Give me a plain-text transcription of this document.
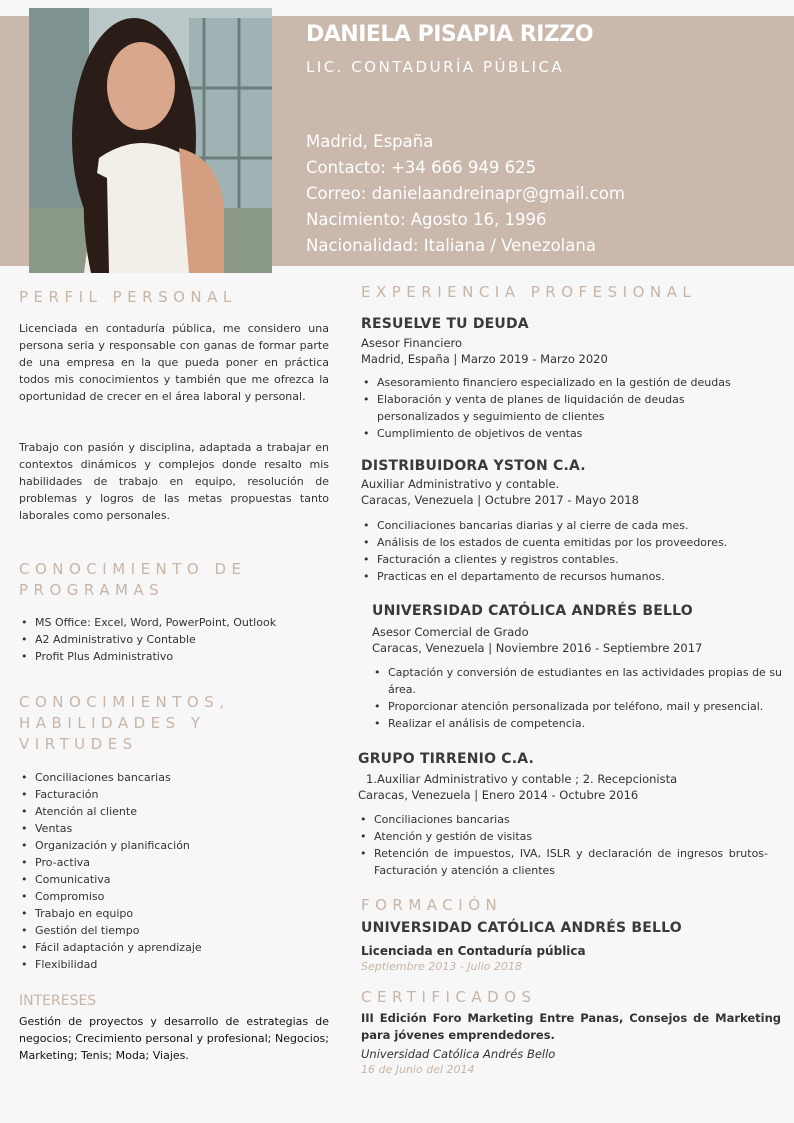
DANIELA PISAPIA RIZZO
LIC. CONTADURÍA PÚBLICA
Madrid, España
Contacto: +34 666 949 625
Correo: danielaandreinapr@gmail.com
Nacimiento: Agosto 16, 1996
Nacionalidad: Italiana / Venezolana
PERFIL PERSONAL
Licenciada en contaduría pública, me considero una persona seria y responsable con ganas de formar parte de una empresa en la que pueda poner en práctica todos mis conocimientos y también que me ofrezca la oportunidad de crecer en el área laboral y personal.
Trabajo con pasión y disciplina, adaptada a trabajar en contextos dinámicos y complejos donde resalto mis habilidades de trabajo en equipo, resolución de problemas y logros de las metas propuestas tanto laborales como personales.
CONOCIMIENTO DE
PROGRAMAS
• MS Office: Excel, Word, PowerPoint, Outlook
• A2 Administrativo y Contable
• Profit Plus Administrativo
CONOCIMIENTOS,
HABILIDADES Y
VIRTUDES
• Conciliaciones bancarias
• Facturación
• Atención al cliente
• Ventas
• Organización y planificación
• Pro-activa
• Comunicativa
• Compromiso
• Trabajo en equipo
• Gestión del tiempo
• Fácil adaptación y aprendizaje
• Flexibilidad
INTERESES
Gestión de proyectos y desarrollo de estrategias de negocios; Crecimiento personal y profesional; Negocios; Marketing; Tenis; Moda; Viajes.
EXPERIENCIA PROFESIONAL
RESUELVE TU DEUDA
Asesor Financiero
Madrid, España | Marzo 2019 - Marzo 2020
• Asesoramiento financiero especializado en la gestión de deudas
• Elaboración y venta de planes de liquidación de deudas personalizados y seguimiento de clientes
• Cumplimiento de objetivos de ventas
DISTRIBUIDORA YSTON C.A.
Auxiliar Administrativo y contable.
Caracas, Venezuela | Octubre 2017 - Mayo 2018
• Conciliaciones bancarias diarias y al cierre de cada mes.
• Análisis de los estados de cuenta emitidas por los proveedores.
• Facturación a clientes y registros contables.
• Practicas en el departamento de recursos humanos.
UNIVERSIDAD CATÓLICA ANDRÉS BELLO
Asesor Comercial de Grado
Caracas, Venezuela | Noviembre 2016 - Septiembre 2017
• Captación y conversión de estudiantes en las actividades propias de su área.
• Proporcionar atención personalizada por teléfono, mail y presencial.
• Realizar el análisis de competencia.
GRUPO TIRRENIO C.A.
1.Auxiliar Administrativo y contable ; 2. Recepcionista
Caracas, Venezuela | Enero 2014 - Octubre 2016
• Conciliaciones bancarias
• Atención y gestión de visitas
• Retención de impuestos, IVA, ISLR y declaración de ingresos brutos-Facturación y atención a clientes
FORMACIÓN
UNIVERSIDAD CATÓLICA ANDRÉS BELLO
Licenciada en Contaduría pública
Septiembre 2013 - Julio 2018
CERTIFICADOS
III Edición Foro Marketing Entre Panas, Consejos de Marketing para jóvenes emprendedores.
Universidad Católica Andrés Bello
16 de Junio del 2014
